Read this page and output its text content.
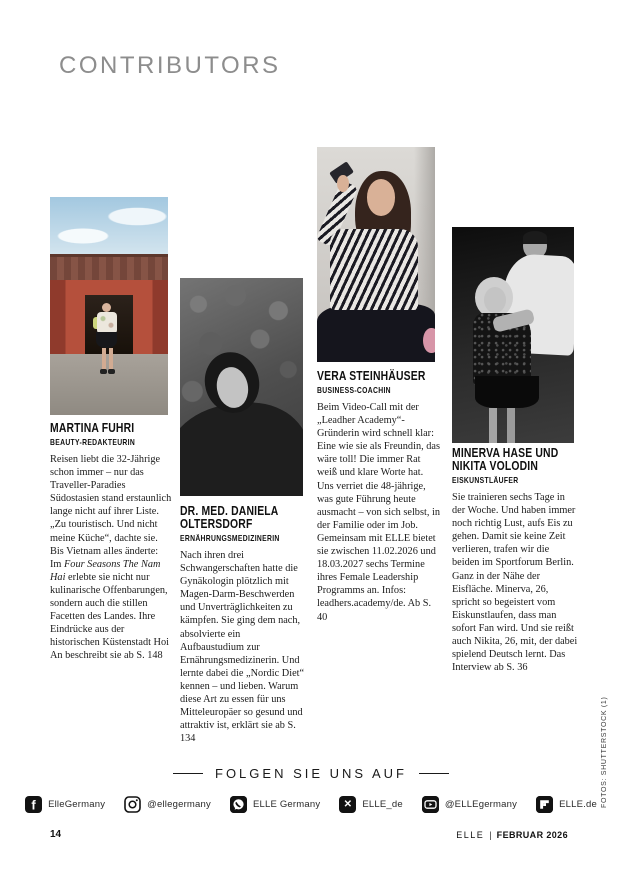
CONTRIBUTORS
MARTINA FUHRI
BEAUTY-REDAKTEURIN

Reisen liebt die 32-Jährige schon immer – nur das Traveller-Paradies Südostasien stand erstaunlich lange nicht auf ihrer Liste. „Zu touristisch. Und nicht meine Küche“, dachte sie. Bis Vietnam alles änderte: Im Four Seasons The Nam Hai erlebte sie nicht nur kulinarische Offenbarungen, sondern auch die stillen Facetten des Landes. Ihre Eindrücke aus der historischen Küstenstadt Hoi An beschreibt sie ab S. 148

DR. MED. DANIELA OLTERSDORF
ERNÄHRUNGSMEDIZINERIN

Nach ihren drei Schwangerschaften hatte die Gynäkologin plötzlich mit Magen-Darm-Beschwerden und Unverträglichkeiten zu kämpfen. Sie ging dem nach, absolvierte ein Aufbaustudium zur Ernährungsmedizinerin. Und lernte dabei die „Nordic Diet“ kennen – und lieben. Warum diese Art zu essen für uns Mitteleuropäer so gesund und attraktiv ist, erklärt sie ab S. 134

VERA STEINHÄUSER
BUSINESS-COACHIN

Beim Video-Call mit der „Leadher Academy“-Gründerin wird schnell klar: Eine wie sie als Freundin, das wäre toll! Die immer Rat weiß und klare Worte hat. Uns verriet die 48-jährige, was gute Führung heute ausmacht – von sich selbst, in der Familie oder im Job. Gemeinsam mit ELLE bietet sie zwischen 11.02.2026 und 18.03.2027 sechs Termine ihres Female Leadership Programms an. Infos: leadhers.academy/de. Ab S. 40

MINERVA HASE UND NIKITA VOLODIN
EISKUNSTLÄUFER

Sie trainieren sechs Tage in der Woche. Und haben immer noch richtig Lust, aufs Eis zu gehen. Damit sie keine Zeit verlieren, trafen wir die beiden im Sportforum Berlin. Ganz in der Nähe der Eisfläche. Minerva, 26, spricht so begeistert vom Eiskunstlaufen, dass man sofort Fan wird. Und sie reißt auch Nikita, 26, mit, der dabei spielend Deutsch lernt. Das Interview ab S. 36

FOLGEN SIE UNS AUF
f ElleGermany	@ellegermany	ELLE Germany ✕ ELLE_de	@ELLEgermany	ELLE.de
14	ELLE | FEBRUAR 2026
FOTOS: SHUTTERSTOCK (1)
